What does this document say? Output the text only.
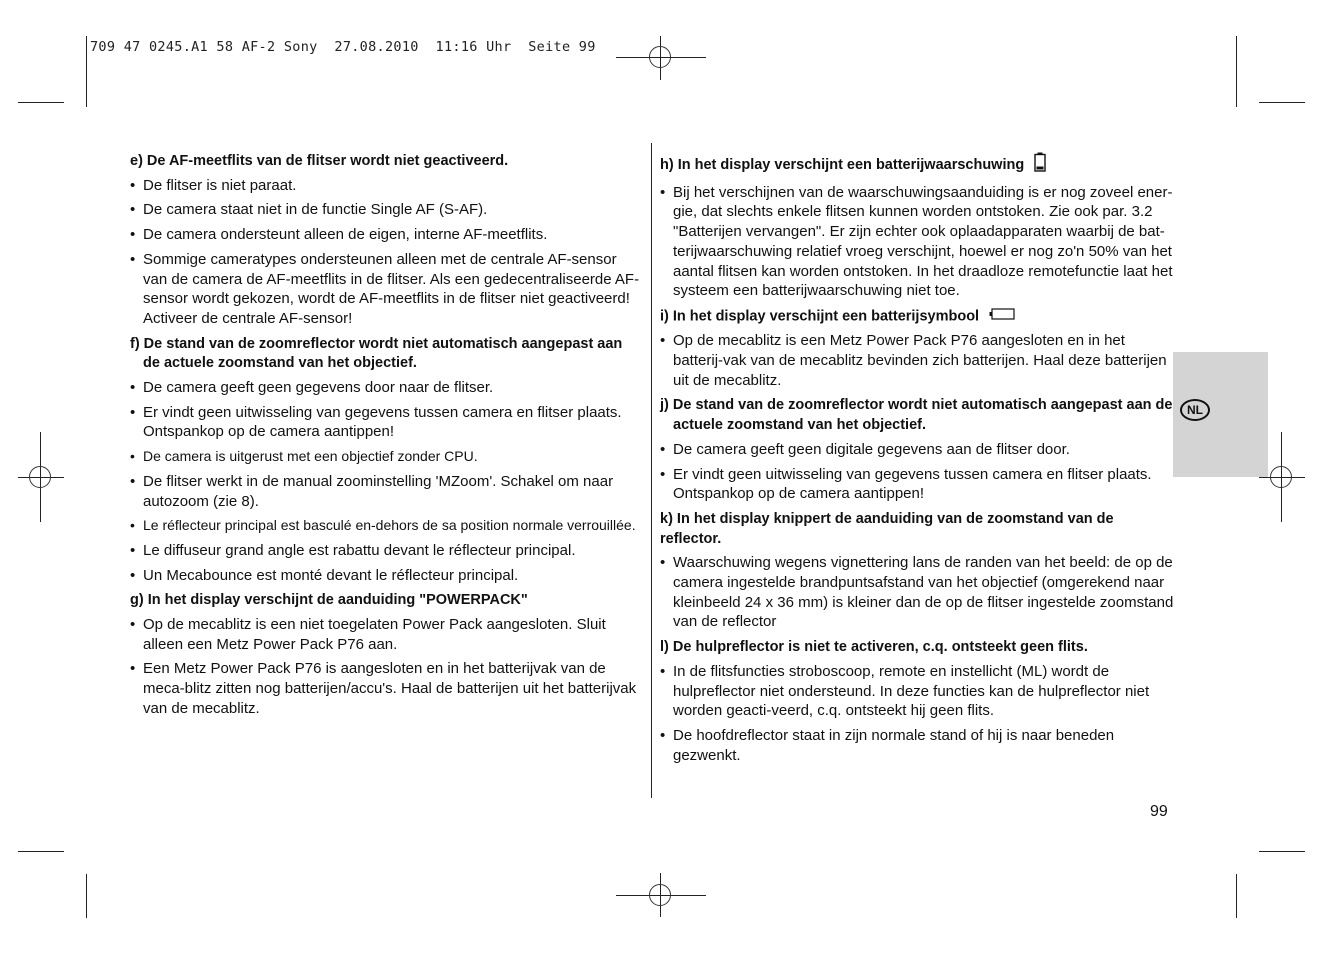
709 47 0245.A1 58 AF-2 Sony  27.08.2010  11:16 Uhr  Seite 99
NL
e) De AF-meetflits van de flitser wordt niet geactiveerd.
• De flitser is niet paraat.
• De camera staat niet in de functie Single AF (S-AF).
• De camera ondersteunt alleen de eigen, interne AF-meetflits.
• Sommige cameratypes ondersteunen alleen met de centrale AF-sensor van de camera de AF-meetflits in de flitser. Als een gedecentraliseerde AF-sensor wordt gekozen, wordt de AF-meetflits in de flitser niet geactiveerd! Activeer de centrale AF-sensor!
f) De stand van de zoomreflector wordt niet automatisch aangepast aan de actuele zoomstand van het objectief.
• De camera geeft geen gegevens door naar de flitser.
• Er vindt geen uitwisseling van gegevens tussen camera en flitser plaats. Ontspankop op de camera aantippen!
• De camera is uitgerust met een objectief zonder CPU.
• De flitser werkt in de manual zoominstelling 'MZoom'. Schakel om naar autozoom (zie 8).
• Le réflecteur principal est basculé en-dehors de sa position normale verrouillée.
• Le diffuseur grand angle est rabattu devant le réflecteur principal.
• Un Mecabounce est monté devant le réflecteur principal.
g) In het display verschijnt de aanduiding "POWERPACK"
• Op de mecablitz is een niet toegelaten Power Pack aangesloten. Sluit alleen een Metz Power Pack P76 aan.
• Een Metz Power Pack P76 is aangesloten en in het batterijvak van de meca-blitz zitten nog batterijen/accu's. Haal de batterijen uit het batterijvak van de mecablitz.
h) In het display verschijnt een batterijwaarschuwing
• Bij het verschijnen van de waarschuwingsaanduiding is er nog zoveel ener-gie, dat slechts enkele flitsen kunnen worden ontstoken. Zie ook par. 3.2 "Batterijen vervangen". Er zijn echter ook oplaadapparaten waarbij de bat-terijwaarschuwing relatief vroeg verschijnt, hoewel er nog zo'n 50% van het aantal flitsen kan worden ontstoken. In het draadloze remotefunctie laat het systeem een batterijwaarschuwing niet toe.
i) In het display verschijnt een batterijsymbool
• Op de mecablitz is een Metz Power Pack P76 aangesloten en in het batterij-vak van de mecablitz bevinden zich batterijen. Haal deze batterijen uit de mecablitz.
j) De stand van de zoomreflector wordt niet automatisch aangepast aan de actuele zoomstand van het objectief.
• De camera geeft geen digitale gegevens aan de flitser door.
• Er vindt geen uitwisseling van gegevens tussen camera en flitser plaats. Ontspankop op de camera aantippen!
k) In het display knippert de aanduiding van de zoomstand van de reflector.
• Waarschuwing wegens vignettering lans de randen van het beeld: de op de camera ingestelde brandpuntsafstand van het objectief (omgerekend naar kleinbeeld 24 x 36 mm) is kleiner dan de op de flitser ingestelde zoomstand van de reflector
l) De hulpreflector is niet te activeren, c.q. ontsteekt geen flits.
• In de flitsfuncties stroboscoop, remote en instellicht (ML) wordt de hulpreflector niet ondersteund. In deze functies kan de hulpreflector niet worden geacti-veerd, c.q. ontsteekt hij geen flits.
• De hoofdreflector staat in zijn normale stand of hij is naar beneden gezwenkt.
99
